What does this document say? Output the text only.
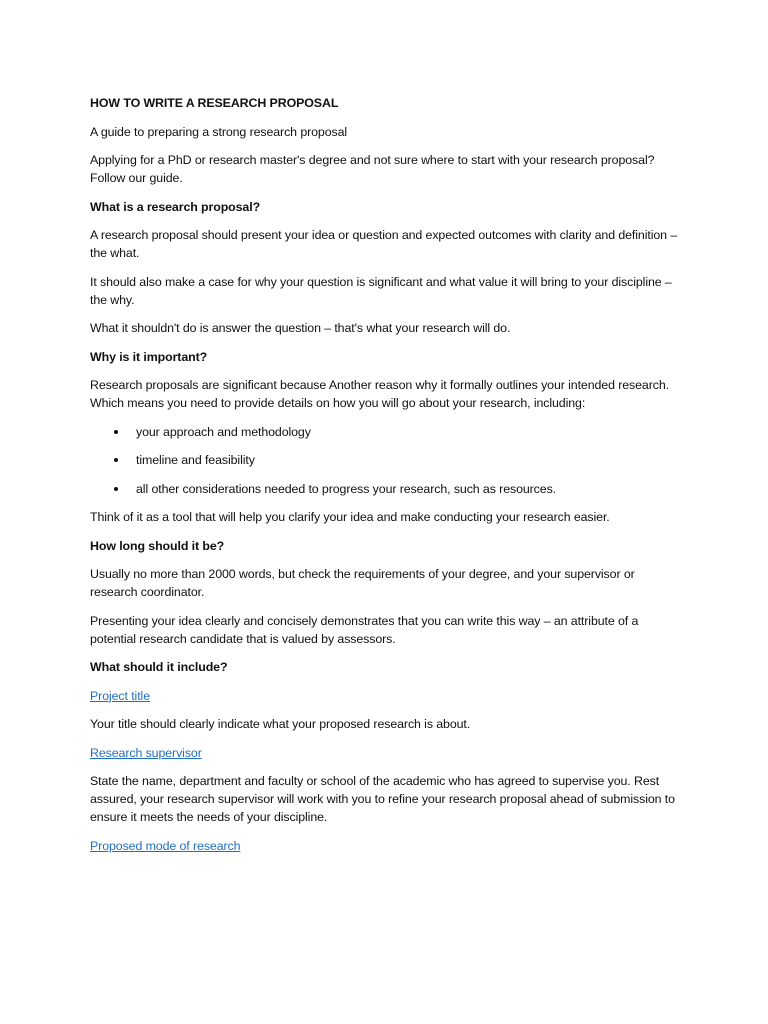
HOW TO WRITE A RESEARCH PROPOSAL
A guide to preparing a strong research proposal
Applying for a PhD or research master's degree and not sure where to start with your research proposal? Follow our guide.
What is a research proposal?
A research proposal should present your idea or question and expected outcomes with clarity and definition – the what.
It should also make a case for why your question is significant and what value it will bring to your discipline – the why.
What it shouldn't do is answer the question – that's what your research will do.
Why is it important?
Research proposals are significant because Another reason why it formally outlines your intended research. Which means you need to provide details on how you will go about your research, including:
your approach and methodology
timeline and feasibility
all other considerations needed to progress your research, such as resources.
Think of it as a tool that will help you clarify your idea and make conducting your research easier.
How long should it be?
Usually no more than 2000 words, but check the requirements of your degree, and your supervisor or research coordinator.
Presenting your idea clearly and concisely demonstrates that you can write this way – an attribute of a potential research candidate that is valued by assessors.
What should it include?
Project title
Your title should clearly indicate what your proposed research is about.
Research supervisor
State the name, department and faculty or school of the academic who has agreed to supervise you. Rest assured, your research supervisor will work with you to refine your research proposal ahead of submission to ensure it meets the needs of your discipline.
Proposed mode of research
